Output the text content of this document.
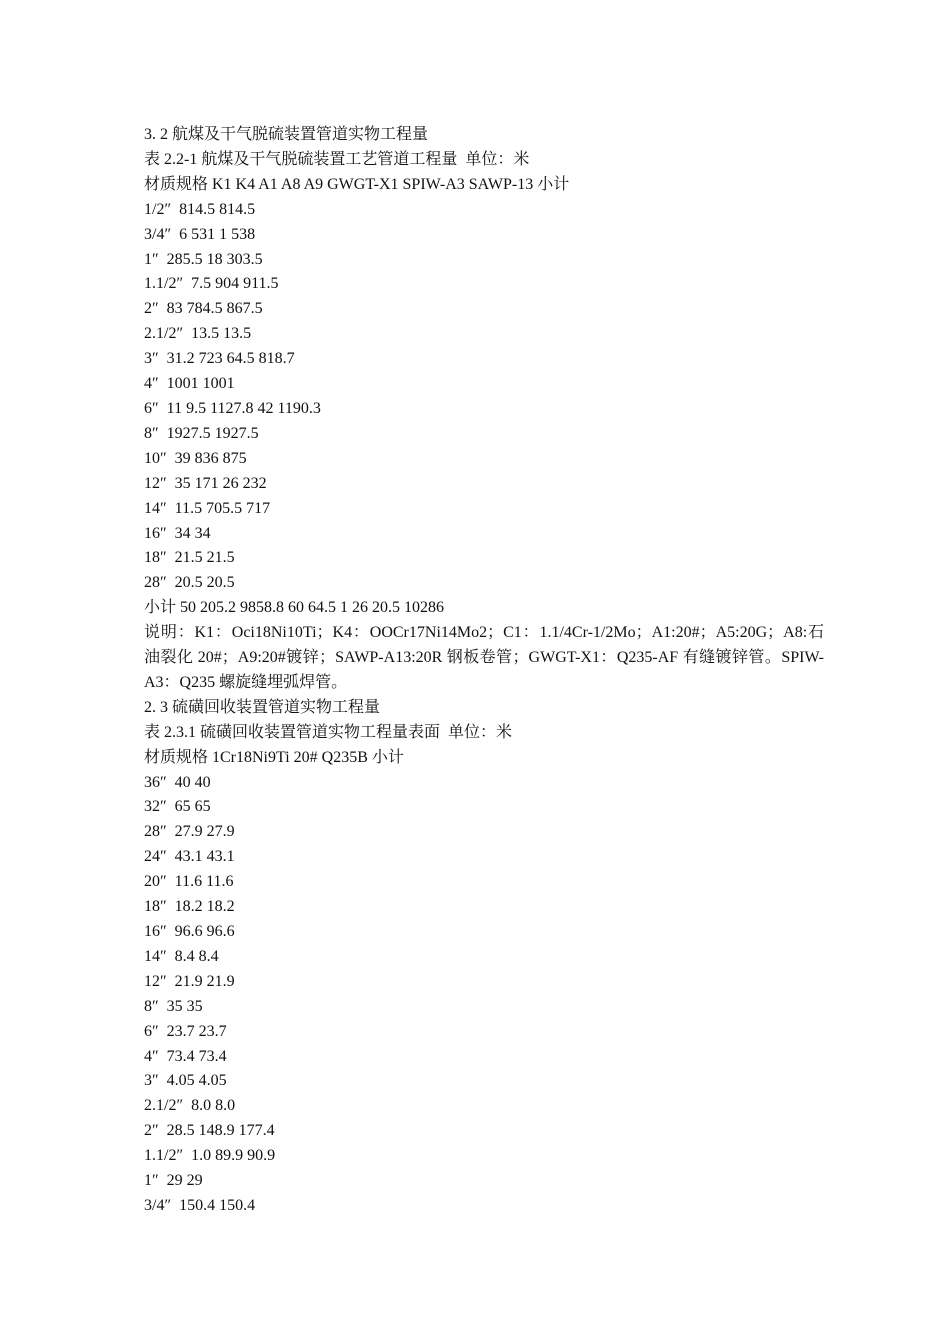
3. 2 航煤及干气脱硫装置管道实物工程量

表 2.2-1 航煤及干气脱硫装置工艺管道工程量  单位：米

材质规格 K1 K4 A1 A8 A9 GWGT-X1 SPIW-A3 SAWP-13 小计

1/2″  814.5 814.5

3/4″  6 531 1 538

1″  285.5 18 303.5

1.1/2″  7.5 904 911.5

2″  83 784.5 867.5

2.1/2″  13.5 13.5

3″  31.2 723 64.5 818.7

4″  1001 1001

6″  11 9.5 1127.8 42 1190.3

8″  1927.5 1927.5

10″  39 836 875

12″  35 171 26 232

14″  11.5 705.5 717

16″  34 34

18″  21.5 21.5

28″  20.5 20.5

小计 50 205.2 9858.8 60 64.5 1 26 20.5 10286

说明：K1：Oci18Ni10Ti；K4：OOCr17Ni14Mo2；C1：1.1/4Cr-1/2Mo；A1:20#；A5:20G；A8:石油裂化 20#；A9:20#镀锌；SAWP-A13:20R 钢板卷管；GWGT-X1：Q235-AF 有缝镀锌管。SPIW-A3：Q235 螺旋缝埋弧焊管。

2. 3 硫磺回收装置管道实物工程量

表 2.3.1 硫磺回收装置管道实物工程量表面  单位：米

材质规格 1Cr18Ni9Ti 20# Q235B 小计

36″  40 40

32″  65 65

28″  27.9 27.9

24″  43.1 43.1

20″  11.6 11.6

18″  18.2 18.2

16″  96.6 96.6

14″  8.4 8.4

12″  21.9 21.9

8″  35 35

6″  23.7 23.7

4″  73.4 73.4

3″  4.05 4.05

2.1/2″  8.0 8.0

2″  28.5 148.9 177.4

1.1/2″  1.0 89.9 90.9

1″  29 29

3/4″  150.4 150.4
